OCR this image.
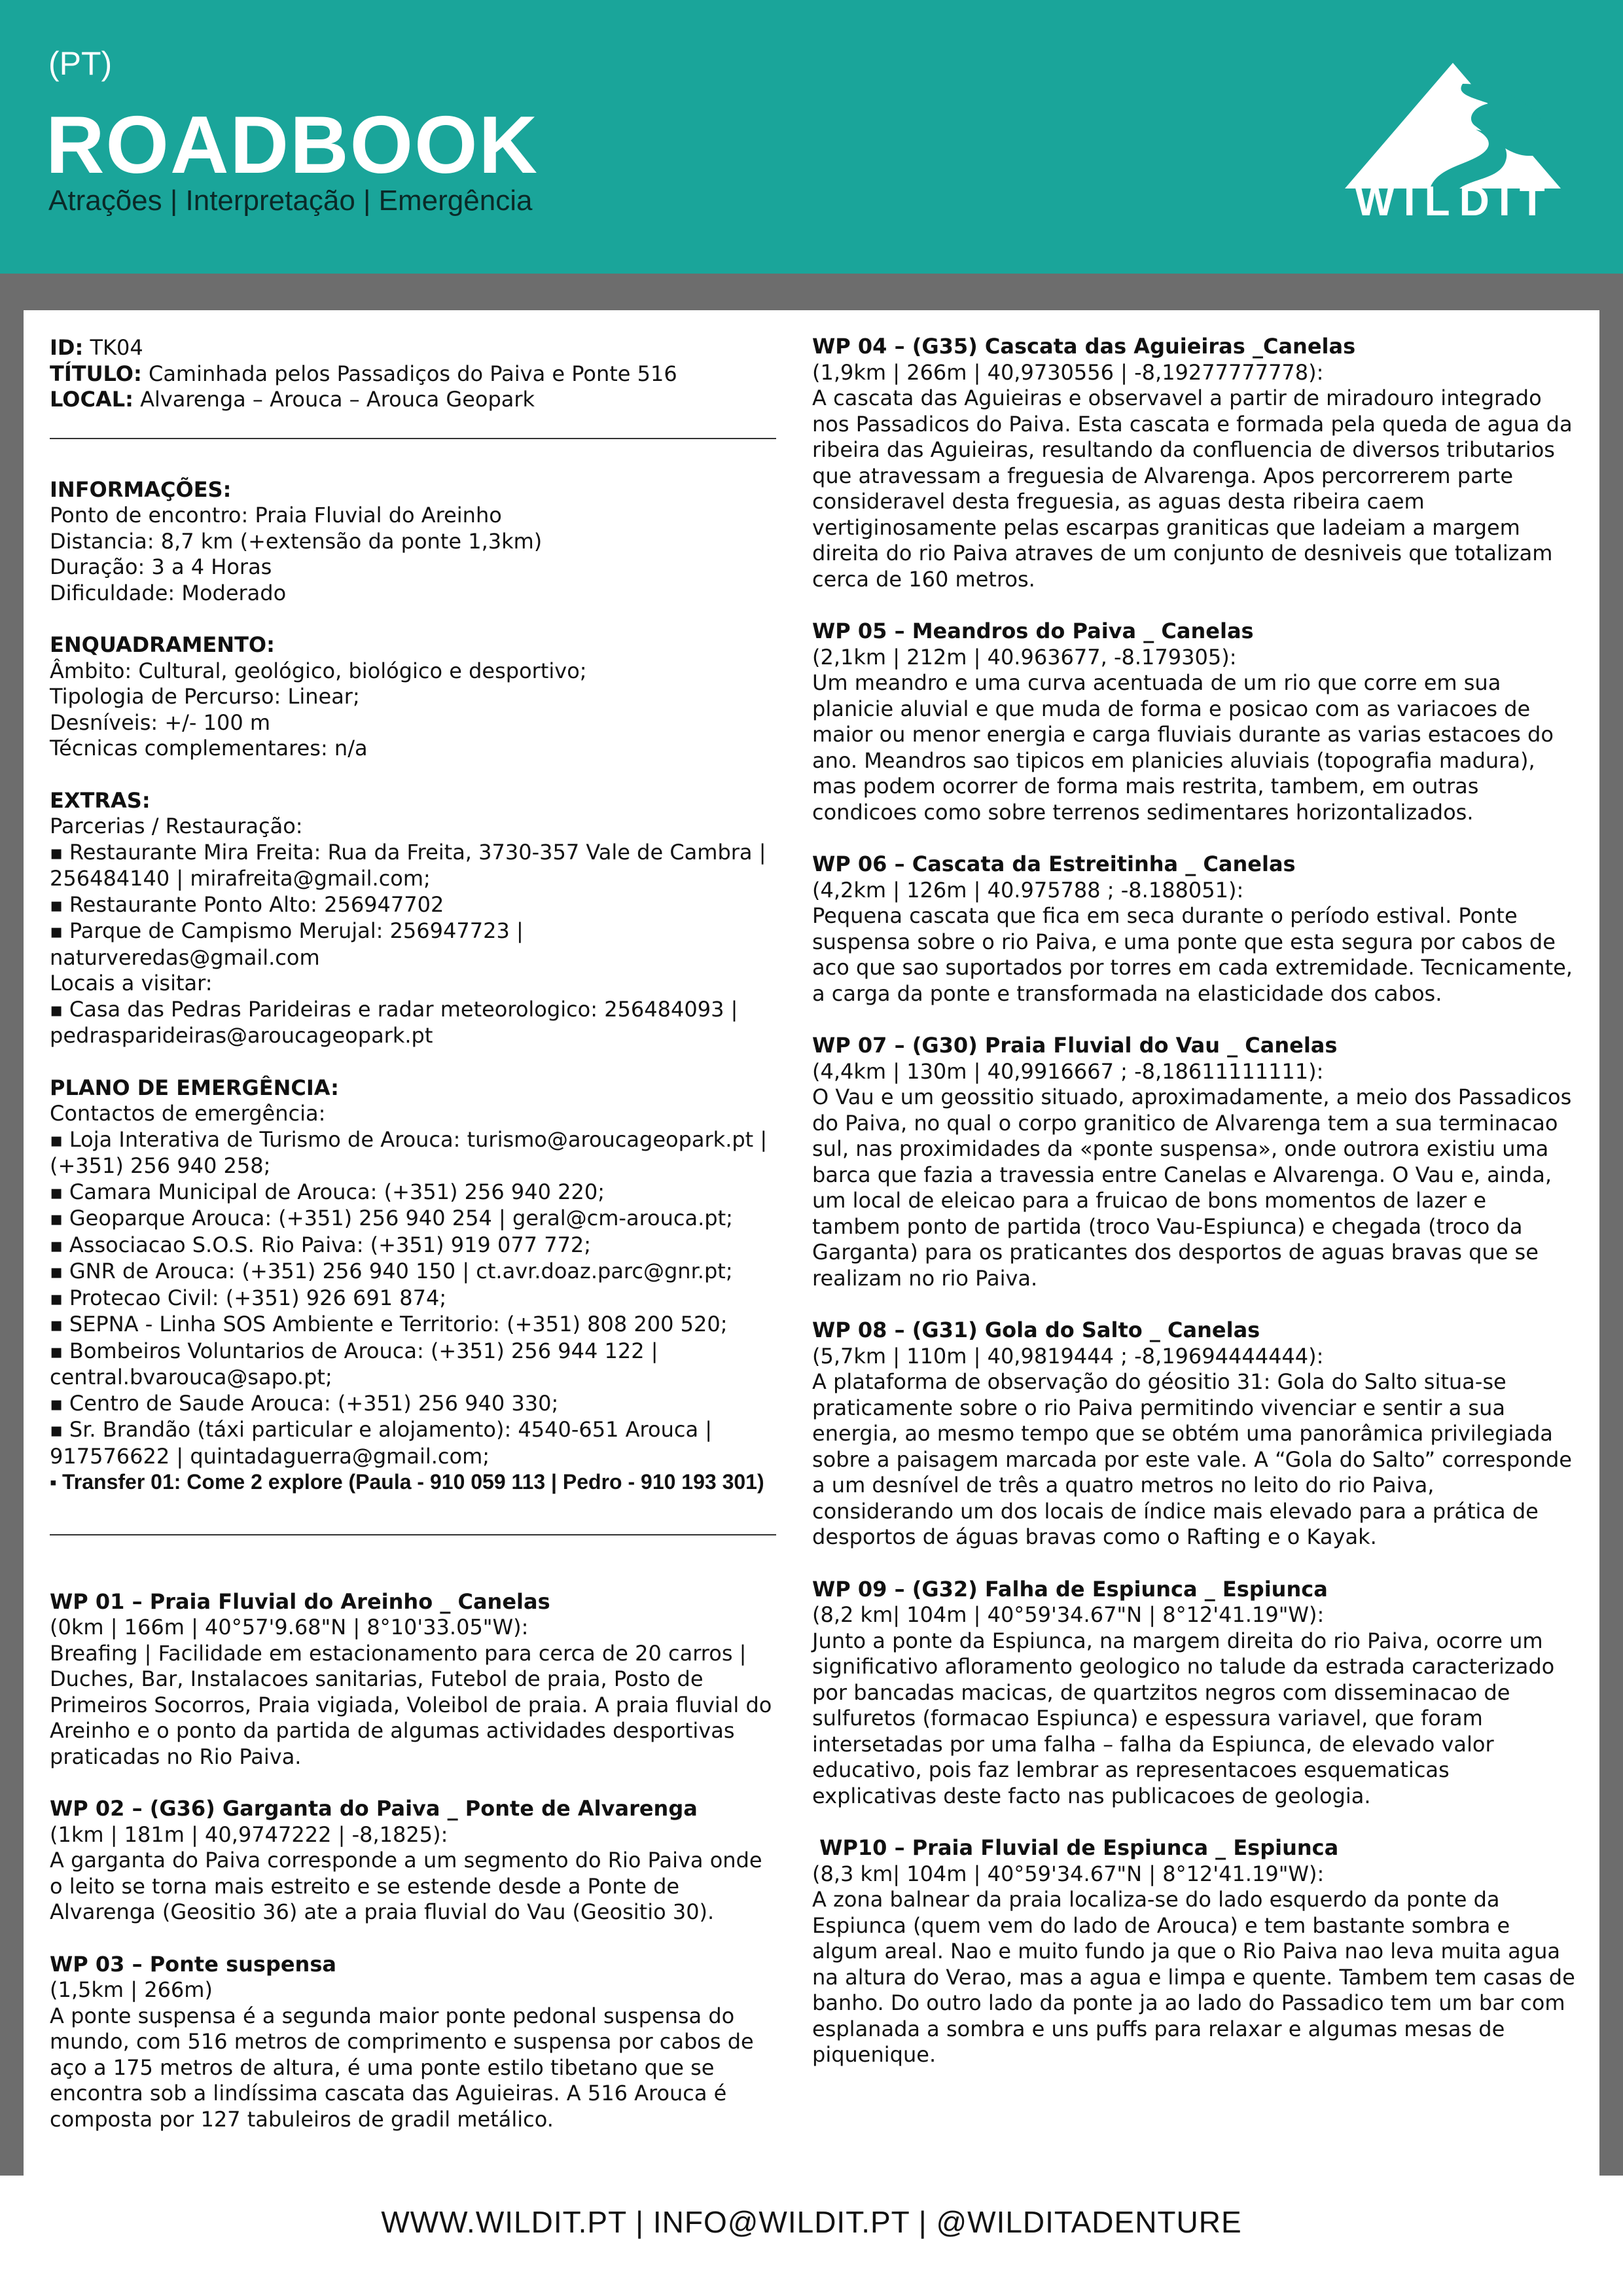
(PT)
ROADBOOK
Atrações | Interpretação | Emergência	WILDIT

ID: TK04

TÍTULO: Caminhada pelos Passadiços do Paiva e Ponte 516

LOCAL: Alvarenga – Arouca – Arouca Geopark

INFORMAÇÕES:

Ponto de encontro: Praia Fluvial do Areinho

Distancia: 8,7 km (+extensão da ponte 1,3km)

Duração: 3 a 4 Horas

Dificuldade: Moderado

ENQUADRAMENTO:

Âmbito: Cultural, geológico, biológico e desportivo;

Tipologia de Percurso: Linear;

Desníveis: +/- 100 m

Técnicas complementares: n/a

EXTRAS:

Parcerias / Restauração:

▪ Restaurante Mira Freita: Rua da Freita, 3730-357 Vale de Cambra | 256484140 | mirafreita@gmail.com;

▪ Restaurante Ponto Alto: 256947702

▪ Parque de Campismo Merujal: 256947723 | naturveredas@gmail.com

Locais a visitar:

▪ Casa das Pedras Parideiras e radar meteorologico: 256484093 | pedrasparideiras@aroucageopark.pt

PLANO DE EMERGÊNCIA:

Contactos de emergência:

▪ Loja Interativa de Turismo de Arouca: turismo@aroucageopark.pt | (+351) 256 940 258;

▪ Camara Municipal de Arouca: (+351) 256 940 220;

▪ Geoparque Arouca: (+351) 256 940 254 | geral@cm-arouca.pt;

▪ Associacao S.O.S. Rio Paiva: (+351) 919 077 772;

▪ GNR de Arouca: (+351) 256 940 150 | ct.avr.doaz.parc@gnr.pt;

▪ Protecao Civil: (+351) 926 691 874;

▪ SEPNA - Linha SOS Ambiente e Territorio: (+351) 808 200 520;

▪ Bombeiros Voluntarios de Arouca: (+351) 256 944 122 | central.bvarouca@sapo.pt;

▪ Centro de Saude Arouca: (+351) 256 940 330;

▪ Sr. Brandão (táxi particular e alojamento): 4540-651 Arouca | 917576622 | quintadaguerra@gmail.com;

▪ Transfer 01: Come 2 explore (Paula - 910 059 113 | Pedro - 910 193 301)

WP 01 – Praia Fluvial do Areinho _ Canelas

(0km | 166m | 40°57'9.68"N | 8°10'33.05"W):

Breafing | Facilidade em estacionamento para cerca de 20 carros | Duches, Bar, Instalacoes sanitarias, Futebol de praia, Posto de Primeiros Socorros, Praia vigiada, Voleibol de praia. A praia fluvial do Areinho e o ponto da partida de algumas actividades desportivas praticadas no Rio Paiva.

WP 02 – (G36) Garganta do Paiva _ Ponte de Alvarenga

(1km | 181m | 40,9747222 | -8,1825):

A garganta do Paiva corresponde a um segmento do Rio Paiva onde o leito se torna mais estreito e se estende desde a Ponte de Alvarenga (Geositio 36) ate a praia fluvial do Vau (Geositio 30).

WP 03 – Ponte suspensa

(1,5km | 266m)

A ponte suspensa é a segunda maior ponte pedonal suspensa do mundo, com 516 metros de comprimento e suspensa por cabos de aço a 175 metros de altura, é uma ponte estilo tibetano que se encontra sob a lindíssima cascata das Aguieiras. A 516 Arouca é composta por 127 tabuleiros de gradil metálico.

WP 04 – (G35) Cascata das Aguieiras _Canelas

(1,9km | 266m | 40,9730556 | -8,19277777778):

A cascata das Aguieiras e observavel a partir de miradouro integrado nos Passadicos do Paiva. Esta cascata e formada pela queda de agua da ribeira das Aguieiras, resultando da confluencia de diversos tributarios que atravessam a freguesia de Alvarenga. Apos percorrerem parte consideravel desta freguesia, as aguas desta ribeira caem vertiginosamente pelas escarpas graniticas que ladeiam a margem direita do rio Paiva atraves de um conjunto de desniveis que totalizam cerca de 160 metros.

WP 05 – Meandros do Paiva _ Canelas

(2,1km | 212m | 40.963677, -8.179305):

Um meandro e uma curva acentuada de um rio que corre em sua planicie aluvial e que muda de forma e posicao com as variacoes de maior ou menor energia e carga fluviais durante as varias estacoes do ano. Meandros sao tipicos em planicies aluviais (topografia madura), mas podem ocorrer de forma mais restrita, tambem, em outras condicoes como sobre terrenos sedimentares horizontalizados.

WP 06 – Cascata da Estreitinha _ Canelas

(4,2km | 126m | 40.975788 ; -8.188051):

Pequena cascata que fica em seca durante o período estival. Ponte suspensa sobre o rio Paiva, e uma ponte que esta segura por cabos de aco que sao suportados por torres em cada extremidade. Tecnicamente, a carga da ponte e transformada na elasticidade dos cabos.

WP 07 – (G30) Praia Fluvial do Vau _ Canelas

(4,4km | 130m | 40,9916667 ; -8,18611111111):

O Vau e um geossitio situado, aproximadamente, a meio dos Passadicos do Paiva, no qual o corpo granitico de Alvarenga tem a sua terminacao sul, nas proximidades da «ponte suspensa», onde outrora existiu uma barca que fazia a travessia entre Canelas e Alvarenga. O Vau e, ainda, um local de eleicao para a fruicao de bons momentos de lazer e tambem ponto de partida (troco Vau-Espiunca) e chegada (troco da Garganta) para os praticantes dos desportos de aguas bravas que se realizam no rio Paiva.

WP 08 – (G31) Gola do Salto _ Canelas

(5,7km | 110m | 40,9819444 ; -8,19694444444):

A plataforma de observação do géositio 31: Gola do Salto situa-se praticamente sobre o rio Paiva permitindo vivenciar e sentir a sua energia, ao mesmo tempo que se obtém uma panorâmica privilegiada sobre a paisagem marcada por este vale. A “Gola do Salto” corresponde a um desnível de três a quatro metros no leito do rio Paiva, considerando um dos locais de índice mais elevado para a prática de desportos de águas bravas como o Rafting e o Kayak.

WP 09 – (G32) Falha de Espiunca _ Espiunca

(8,2 km| 104m | 40°59'34.67"N | 8°12'41.19"W):

Junto a ponte da Espiunca, na margem direita do rio Paiva, ocorre um significativo afloramento geologico no talude da estrada caracterizado por bancadas macicas, de quartzitos negros com disseminacao de sulfuretos (formacao Espiunca) e espessura variavel, que foram intersetadas por uma falha – falha da Espiunca, de elevado valor educativo, pois faz lembrar as representacoes esquematicas explicativas deste facto nas publicacoes de geologia.

WP10 – Praia Fluvial de Espiunca _ Espiunca

(8,3 km| 104m | 40°59'34.67"N | 8°12'41.19"W):

A zona balnear da praia localiza-se do lado esquerdo da ponte da Espiunca (quem vem do lado de Arouca) e tem bastante sombra e algum areal. Nao e muito fundo ja que o Rio Paiva nao leva muita agua na altura do Verao, mas a agua e limpa e quente. Tambem tem casas de banho. Do outro lado da ponte ja ao lado do Passadico tem um bar com esplanada a sombra e uns puffs para relaxar e algumas mesas de piquenique.

WWW.WILDIT.PT | INFO@WILDIT.PT | @WILDITADENTURE
